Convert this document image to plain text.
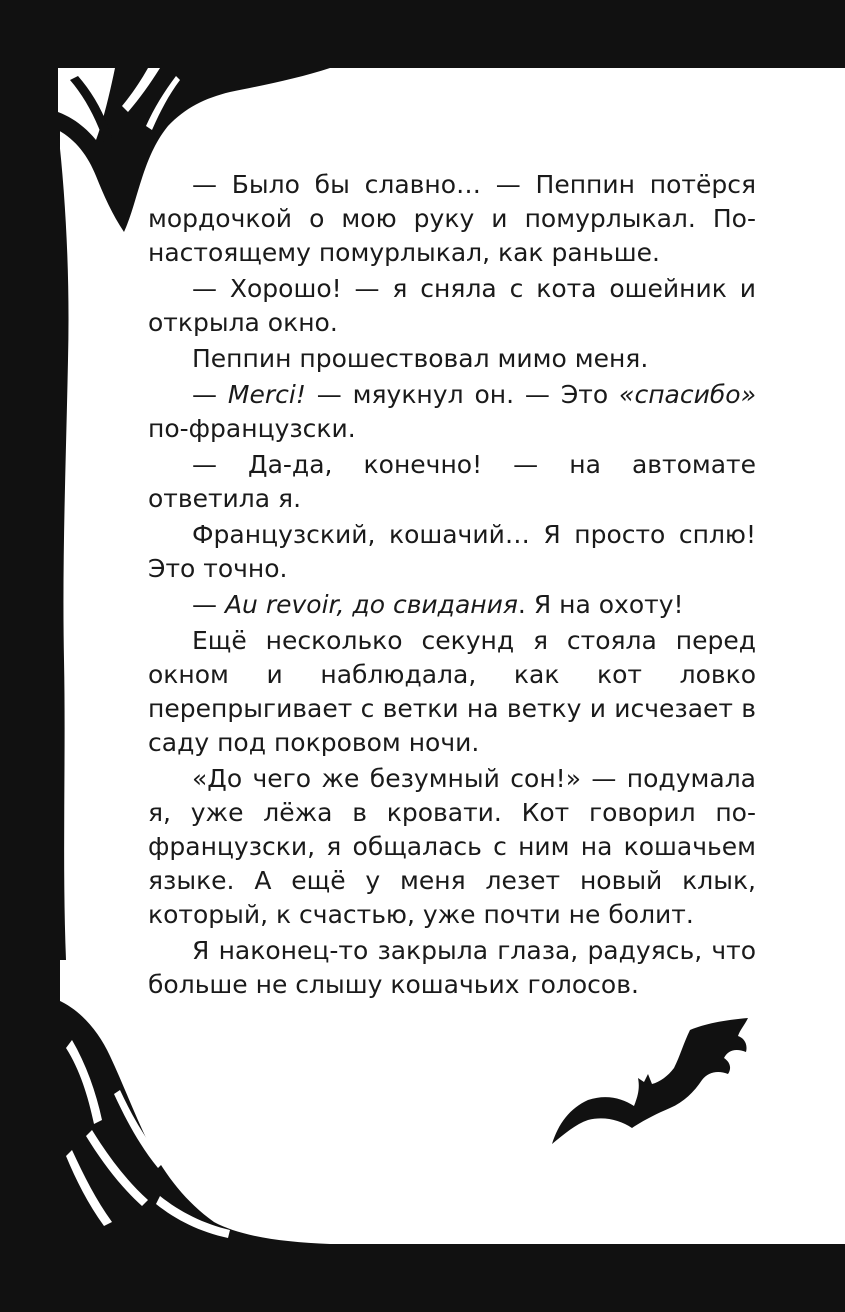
— Было бы славно… — Пеппин потёрся мордочкой о мою руку и помурлыкал. По-настоящему помурлыкал, как раньше.

— Хорошо! — я сняла с кота ошейник и открыла окно.

Пеппин прошествовал мимо меня.

— Merci! — мяукнул он. — Это «спасибо» по-французски.

— Да-да, конечно! — на автомате ответила я.

Французский, кошачий… Я просто сплю! Это точно.

— Au revoir, до свидания. Я на охоту!

Ещё несколько секунд я стояла перед окном и наблюдала, как кот ловко перепрыгивает с ветки на ветку и исчезает в саду под покровом ночи.

«До чего же безумный сон!» — подумала я, уже лёжа в кровати. Кот говорил по-французски, я общалась с ним на кошачьем языке. А ещё у меня лезет новый клык, который, к счастью, уже почти не болит.

Я наконец-то закрыла глаза, радуясь, что больше не слышу кошачьих голосов.
